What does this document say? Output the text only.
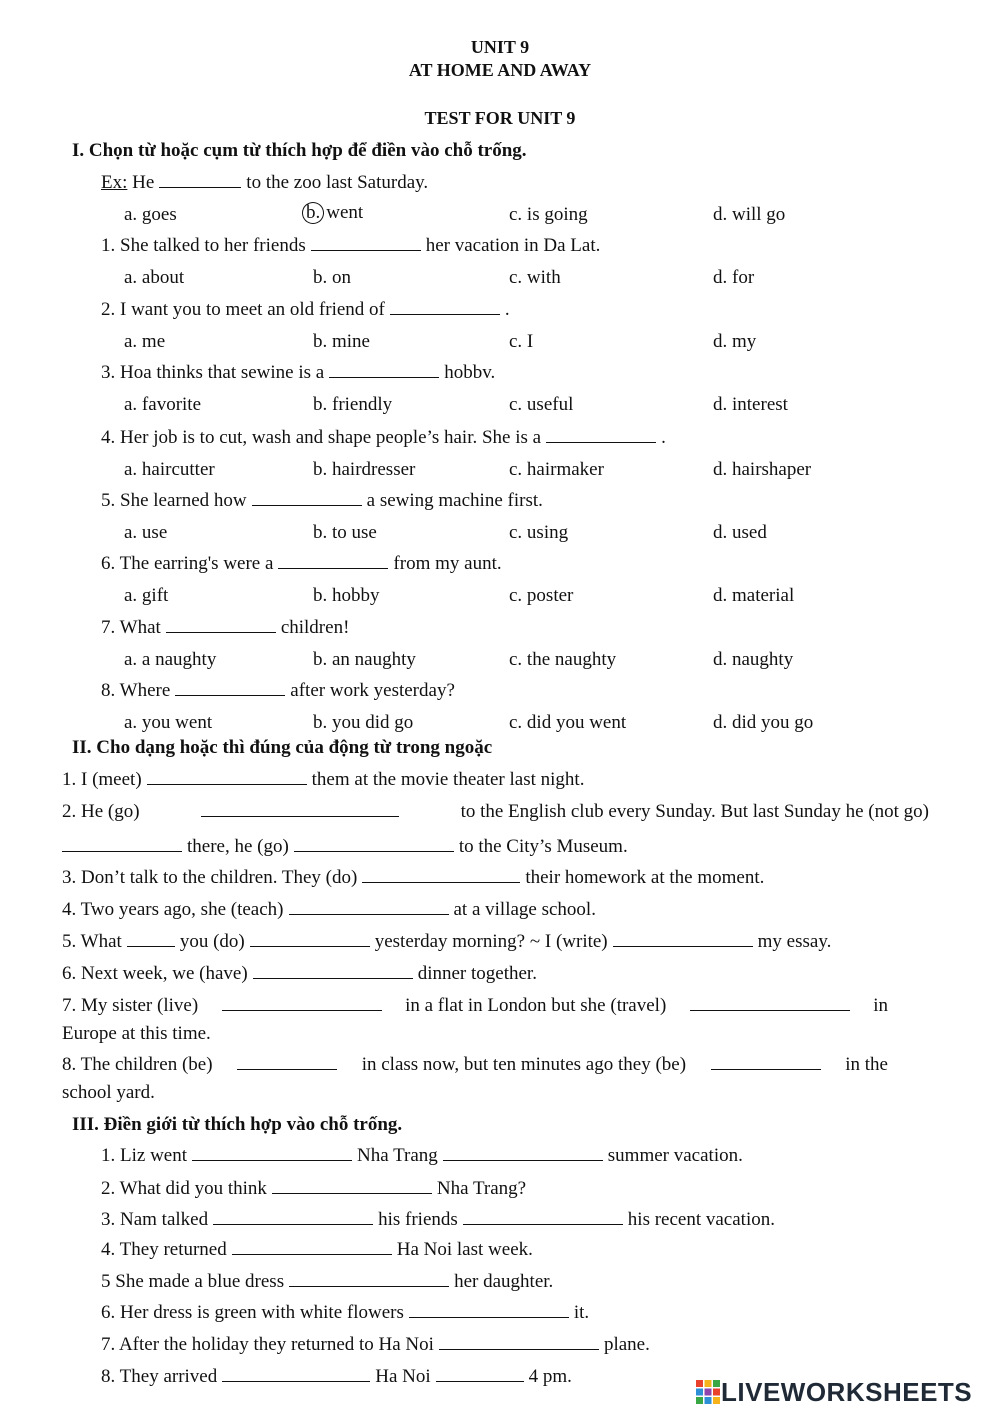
UNIT 9
AT HOME AND AWAY
TEST FOR UNIT 9
I. Chọn từ hoặc cụm từ thích hợp để điền vào chỗ trống.
Ex: He	to the zoo last Saturday.
a. goes	b. went	c. is going	d. will go
1. She talked to her friends	her vacation in Da Lat.
a. about	b. on	c. with	d. for
2. I want you to meet an old friend of	.
a. me	b. mine	c. I	d. my
3. Hoa thinks that sewine is a	hobbv.
a. favorite	b. friendly	c. useful	d. interest
4. Her job is to cut, wash and shape people’s hair. She is a	.
a. haircutter	b. hairdresser	c. hairmaker	d. hairshaper
5. She learned how	a sewing machine first.
a. use	b. to use	c. using	d. used
6. The earring's were a	from my aunt.
a. gift	b. hobby	c. poster	d. material
7. What	children!
a. a naughty	b. an naughty	c. the naughty	d. naughty
8. Where	after work yesterday?
a. you went	b. you did go	c. did you went	d. did you go
II. Cho dạng hoặc thì đúng của động từ trong ngoặc
1. I (meet)	them at the movie theater last night.
2. He (go)	to the English club every Sunday. But last Sunday he (not go)
there, he (go)	to the City’s Museum.
3. Don’t talk to the children. They (do)	their homework at the moment.
4. Two years ago, she (teach)	at a village school.
5. What	you (do)	yesterday morning? ~ I (write)	my essay.
6. Next week, we (have)	dinner together.
7. My sister (live)	in a flat in London but she (travel)	in
Europe at this time.
8. The children (be)	in class now, but ten minutes ago they (be)	in the
school yard.
III. Điền giới từ thích hợp vào chỗ trống.
1. Liz went	Nha Trang	summer vacation.
2. What did you think	Nha Trang?
3. Nam talked	his friends	his recent vacation.
4. They returned	Ha Noi last week.
5 She made a blue dress	her daughter.
6. Her dress is green with white flowers	it.
7. After the holiday they returned to Ha Noi	plane.
8. They arrived	Ha Noi	4 pm.	LIVEWORKSHEETS
